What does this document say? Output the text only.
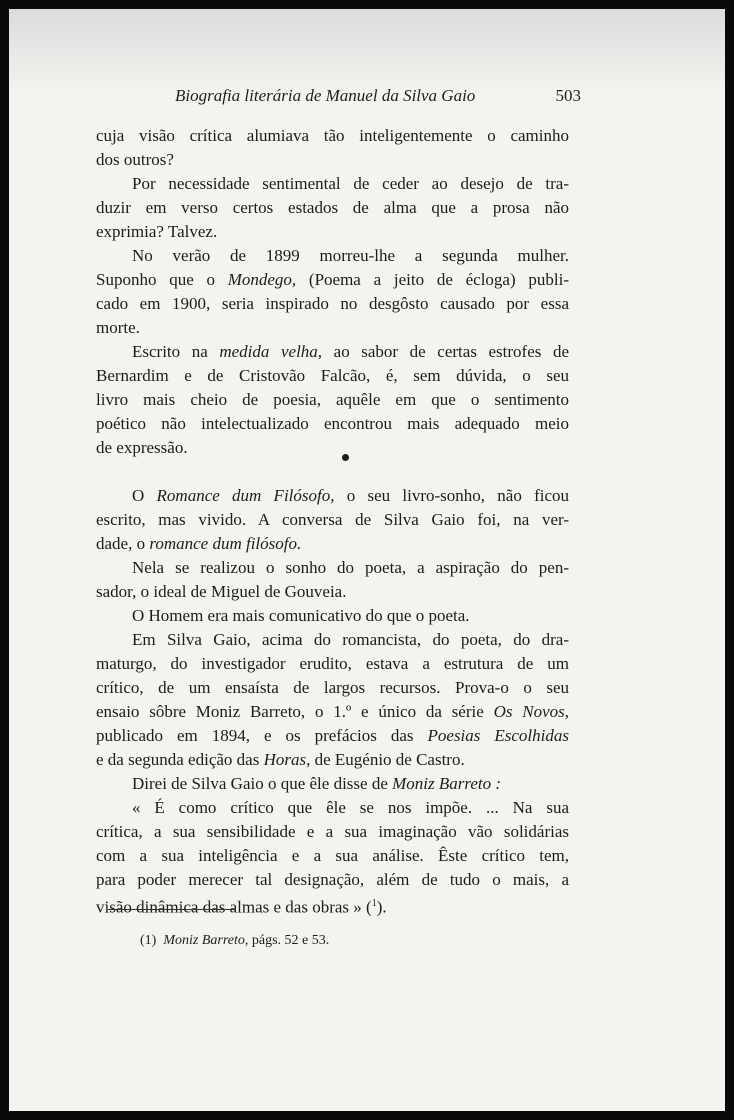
Biografia literária de Manuel da Silva Gaio	503
cuja visão crítica alumiava tão inteligentemente o caminho
dos outros?
Por necessidade sentimental de ceder ao desejo de tra-
duzir em verso certos estados de alma que a prosa não
exprimia? Talvez.
No verão de 1899 morreu-lhe a segunda mulher.
Suponho que o Mondego, (Poema a jeito de écloga) publi-
cado em 1900, seria inspirado no desgôsto causado por essa
morte.
Escrito na medida velha, ao sabor de certas estrofes de
Bernardim e de Cristovão Falcão, é, sem dúvida, o seu
livro mais cheio de poesia, aquêle em que o sentimento
poético não intelectualizado encontrou mais adequado meio
de expressão.
O Romance dum Filósofo, o seu livro-sonho, não ficou
escrito, mas vivido. A conversa de Silva Gaio foi, na ver-
dade, o romance dum filósofo.
Nela se realizou o sonho do poeta, a aspiração do pen-
sador, o ideal de Miguel de Gouveia.
O Homem era mais comunicativo do que o poeta.
Em Silva Gaio, acima do romancista, do poeta, do dra-
maturgo, do investigador erudito, estava a estrutura de um
crítico, de um ensaísta de largos recursos. Prova-o o seu
ensaio sôbre Moniz Barreto, o 1.º e único da série Os Novos,
publicado em 1894, e os prefácios das Poesias Escolhidas
e da segunda edição das Horas, de Eugénio de Castro.
Direi de Silva Gaio o que êle disse de Moniz Barreto :
« É como crítico que êle se nos impõe. ... Na sua
crítica, a sua sensibilidade e a sua imaginação vão solidárias
com a sua inteligência e a sua análise. Êste crítico tem,
para poder merecer tal designação, além de tudo o mais, a
visão dinâmica das almas e das obras » ($^1$).
(1) Moniz Barreto, págs. 52 e 53.
